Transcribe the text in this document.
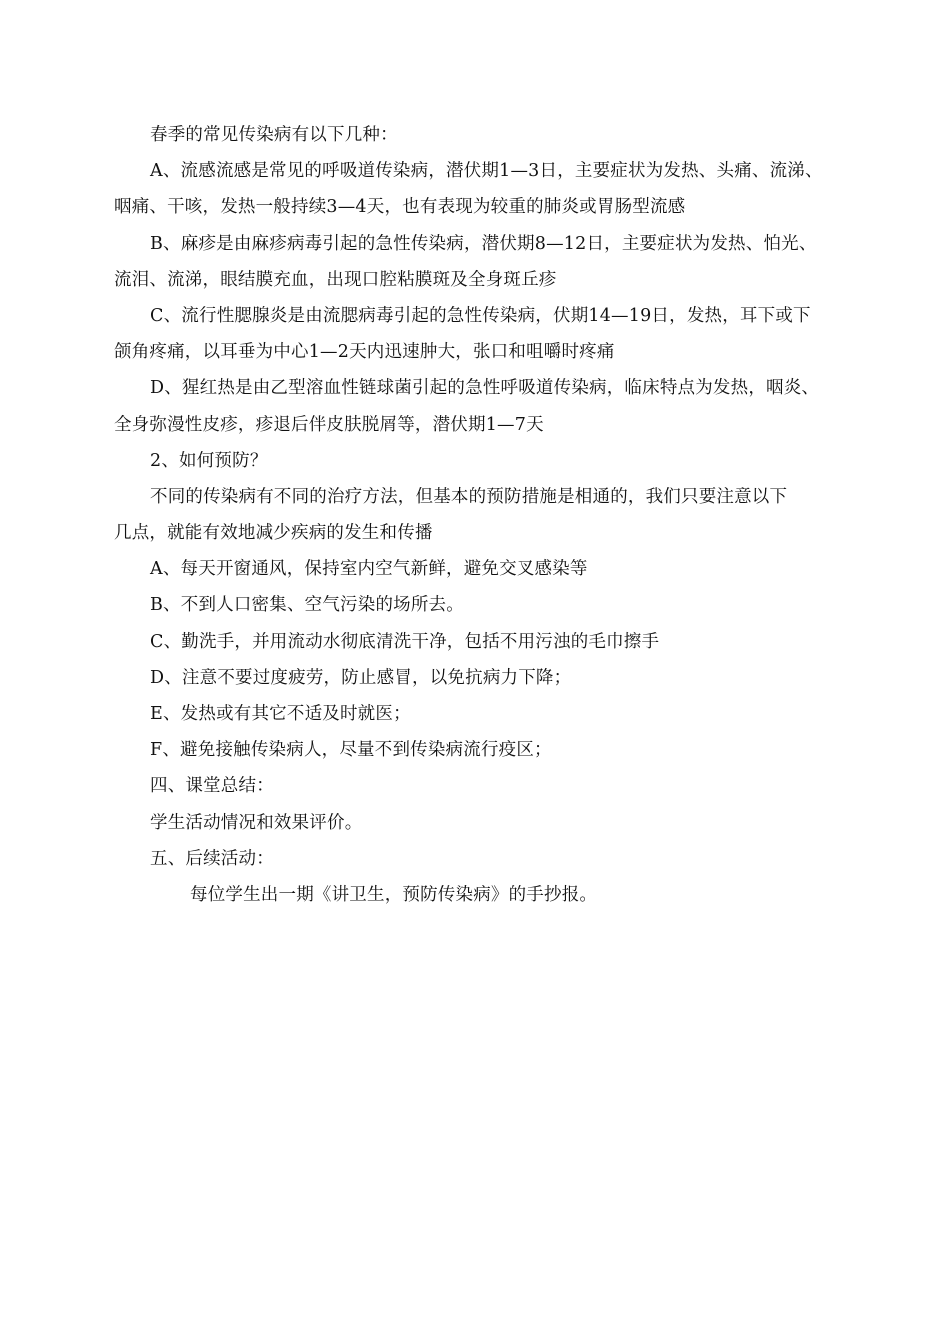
春季的常见传染病有以下几种：
A、流感流感是常见的呼吸道传染病，潜伏期1—3日，主要症状为发热、头痛、流涕、
咽痛、干咳，发热一般持续3—4天，也有表现为较重的肺炎或胃肠型流感
B、麻疹是由麻疹病毒引起的急性传染病，潜伏期8—12日，主要症状为发热、怕光、
流泪、流涕，眼结膜充血，出现口腔粘膜斑及全身斑丘疹
C、流行性腮腺炎是由流腮病毒引起的急性传染病，伏期14—19日，发热，耳下或下
颌角疼痛，以耳垂为中心1—2天内迅速肿大，张口和咀嚼时疼痛
D、猩红热是由乙型溶血性链球菌引起的急性呼吸道传染病，临床特点为发热，咽炎、
全身弥漫性皮疹，疹退后伴皮肤脱屑等，潜伏期1—7天
2、如何预防？
不同的传染病有不同的治疗方法，但基本的预防措施是相通的，我们只要注意以下
几点，就能有效地减少疾病的发生和传播
A、每天开窗通风，保持室内空气新鲜，避免交叉感染等
B、不到人口密集、空气污染的场所去。
C、勤洗手，并用流动水彻底清洗干净，包括不用污浊的毛巾擦手
D、注意不要过度疲劳，防止感冒，以免抗病力下降；
E、发热或有其它不适及时就医；
F、避免接触传染病人，尽量不到传染病流行疫区；
四、课堂总结：
学生活动情况和效果评价。
五、后续活动：
每位学生出一期《讲卫生，预防传染病》的手抄报。
